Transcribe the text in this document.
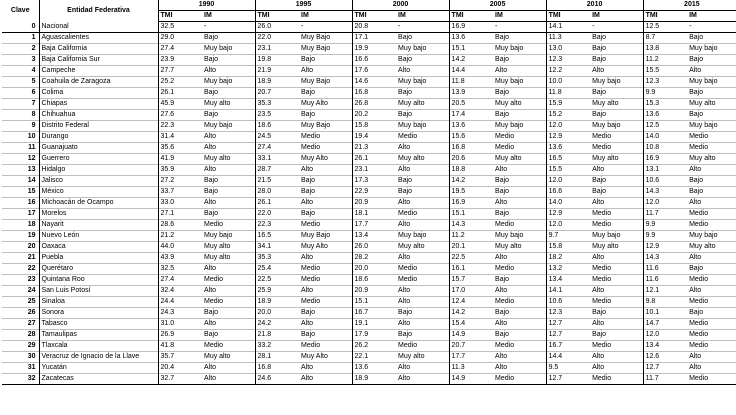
Clave	Entidad Federativa	1990		1995		2000		2005		2010		2015	
		TMI	IM	TMI	IM	TMI	IM	TMI	IM	TMI	IM	TMI	IM
0	Nacional	32.5	-	26.0	-	20.8	-	16.9	-	14.1	-	12.5	-
1	Aguascalientes	29.0	Bajo	22.0	Muy Bajo	17.1	Bajo	13.6	Bajo	11.3	Bajo	8.7	Bajo
2	Baja California	27.4	Muy bajo	23.1	Muy Bajo	19.9	Muy bajo	15.1	Muy bajo	13.0	Bajo	13.8	Muy bajo
3	Baja California Sur	23.9	Bajo	19.8	Bajo	16.6	Bajo	14.2	Bajo	12.3	Bajo	11.2	Bajo
4	Campeche	27.7	Alto	21.9	Alto	17.6	Alto	14.4	Alto	12.2	Alto	15.5	Alto
5	Coahuila de Zaragoza	25.2	Muy bajo	18.9	Muy Bajo	14.6	Muy bajo	11.8	Muy bajo	10.0	Muy bajo	12.3	Muy bajo
6	Colima	26.1	Bajo	20.7	Bajo	16.8	Bajo	13.9	Bajo	11.8	Bajo	9.9	Bajo
7	Chiapas	45.9	Muy alto	35.3	Muy Alto	26.8	Muy alto	20.5	Muy alto	15.9	Muy alto	15.3	Muy alto
8	Chihuahua	27.6	Bajo	23.5	Bajo	20.2	Bajo	17.4	Bajo	15.2	Bajo	13.6	Bajo
9	Distrito Federal	22.3	Muy bajo	18.6	Muy Bajo	15.8	Muy bajo	13.6	Muy bajo	12.0	Muy bajo	12.5	Muy bajo
10	Durango	31.4	Alto	24.5	Medio	19.4	Medio	15.6	Medio	12.9	Medio	14.0	Medio
11	Guanajuato	35.6	Alto	27.4	Medio	21.3	Alto	16.8	Medio	13.6	Medio	10.8	Medio
12	Guerrero	41.9	Muy alto	33.1	Muy Alto	26.1	Muy alto	20.6	Muy alto	16.5	Muy alto	16.9	Muy alto
13	Hidalgo	35.9	Alto	28.7	Alto	23.1	Alto	18.8	Alto	15.5	Alto	13.1	Alto
14	Jalisco	27.2	Bajo	21.5	Bajo	17.3	Bajo	14.2	Bajo	12.0	Bajo	10.6	Bajo
15	México	33.7	Bajo	28.0	Bajo	22.9	Bajo	19.5	Bajo	16.6	Bajo	14.3	Bajo
16	Michoacán de Ocampo	33.0	Alto	26.1	Alto	20.9	Alto	16.9	Alto	14.0	Alto	12.0	Alto
17	Morelos	27.1	Bajo	22.0	Bajo	18.1	Medio	15.1	Bajo	12.9	Medio	11.7	Medio
18	Nayarit	28.6	Medio	22.3	Medio	17.7	Alto	14.3	Medio	12.0	Medio	9.9	Medio
19	Nuevo León	21.2	Muy bajo	16.5	Muy Bajo	13.4	Muy bajo	11.2	Muy bajo	9.7	Muy bajo	9.9	Muy bajo
20	Oaxaca	44.0	Muy alto	34.1	Muy Alto	26.0	Muy alto	20.1	Muy alto	15.8	Muy alto	12.9	Muy alto
21	Puebla	43.9	Muy alto	35.3	Alto	28.2	Alto	22.5	Alto	18.2	Alto	14.3	Alto
22	Querétaro	32.5	Alto	25.4	Medio	20.0	Medio	16.1	Medio	13.2	Medio	11.6	Bajo
23	Quintana Roo	27.4	Medio	22.5	Medio	18.6	Medio	15.7	Bajo	13.4	Medio	11.6	Medio
24	San Luis Potosí	32.4	Alto	25.9	Alto	20.9	Alto	17.0	Alto	14.1	Alto	12.1	Alto
25	Sinaloa	24.4	Medio	18.9	Medio	15.1	Alto	12.4	Medio	10.6	Medio	9.8	Medio
26	Sonora	24.3	Bajo	20.0	Bajo	16.7	Bajo	14.2	Bajo	12.3	Bajo	10.1	Bajo
27	Tabasco	31.0	Alto	24.2	Alto	19.1	Alto	15.4	Alto	12.7	Alto	14.7	Medio
28	Tamaulipas	26.9	Bajo	21.8	Bajo	17.9	Bajo	14.9	Bajo	12.7	Bajo	12.0	Medio
29	Tlaxcala	41.8	Medio	33.2	Medio	26.2	Medio	20.7	Medio	16.7	Medio	13.4	Medio
30	Veracruz de Ignacio de la Llave	35.7	Muy alto	28.1	Muy Alto	22.1	Muy alto	17.7	Alto	14.4	Alto	12.6	Alto
31	Yucatán	20.4	Alto	16.8	Alto	13.6	Alto	11.3	Alto	9.5	Alto	12.7	Alto
32	Zacatecas	32.7	Alto	24.6	Alto	18.9	Alto	14.9	Medio	12.7	Medio	11.7	Medio
